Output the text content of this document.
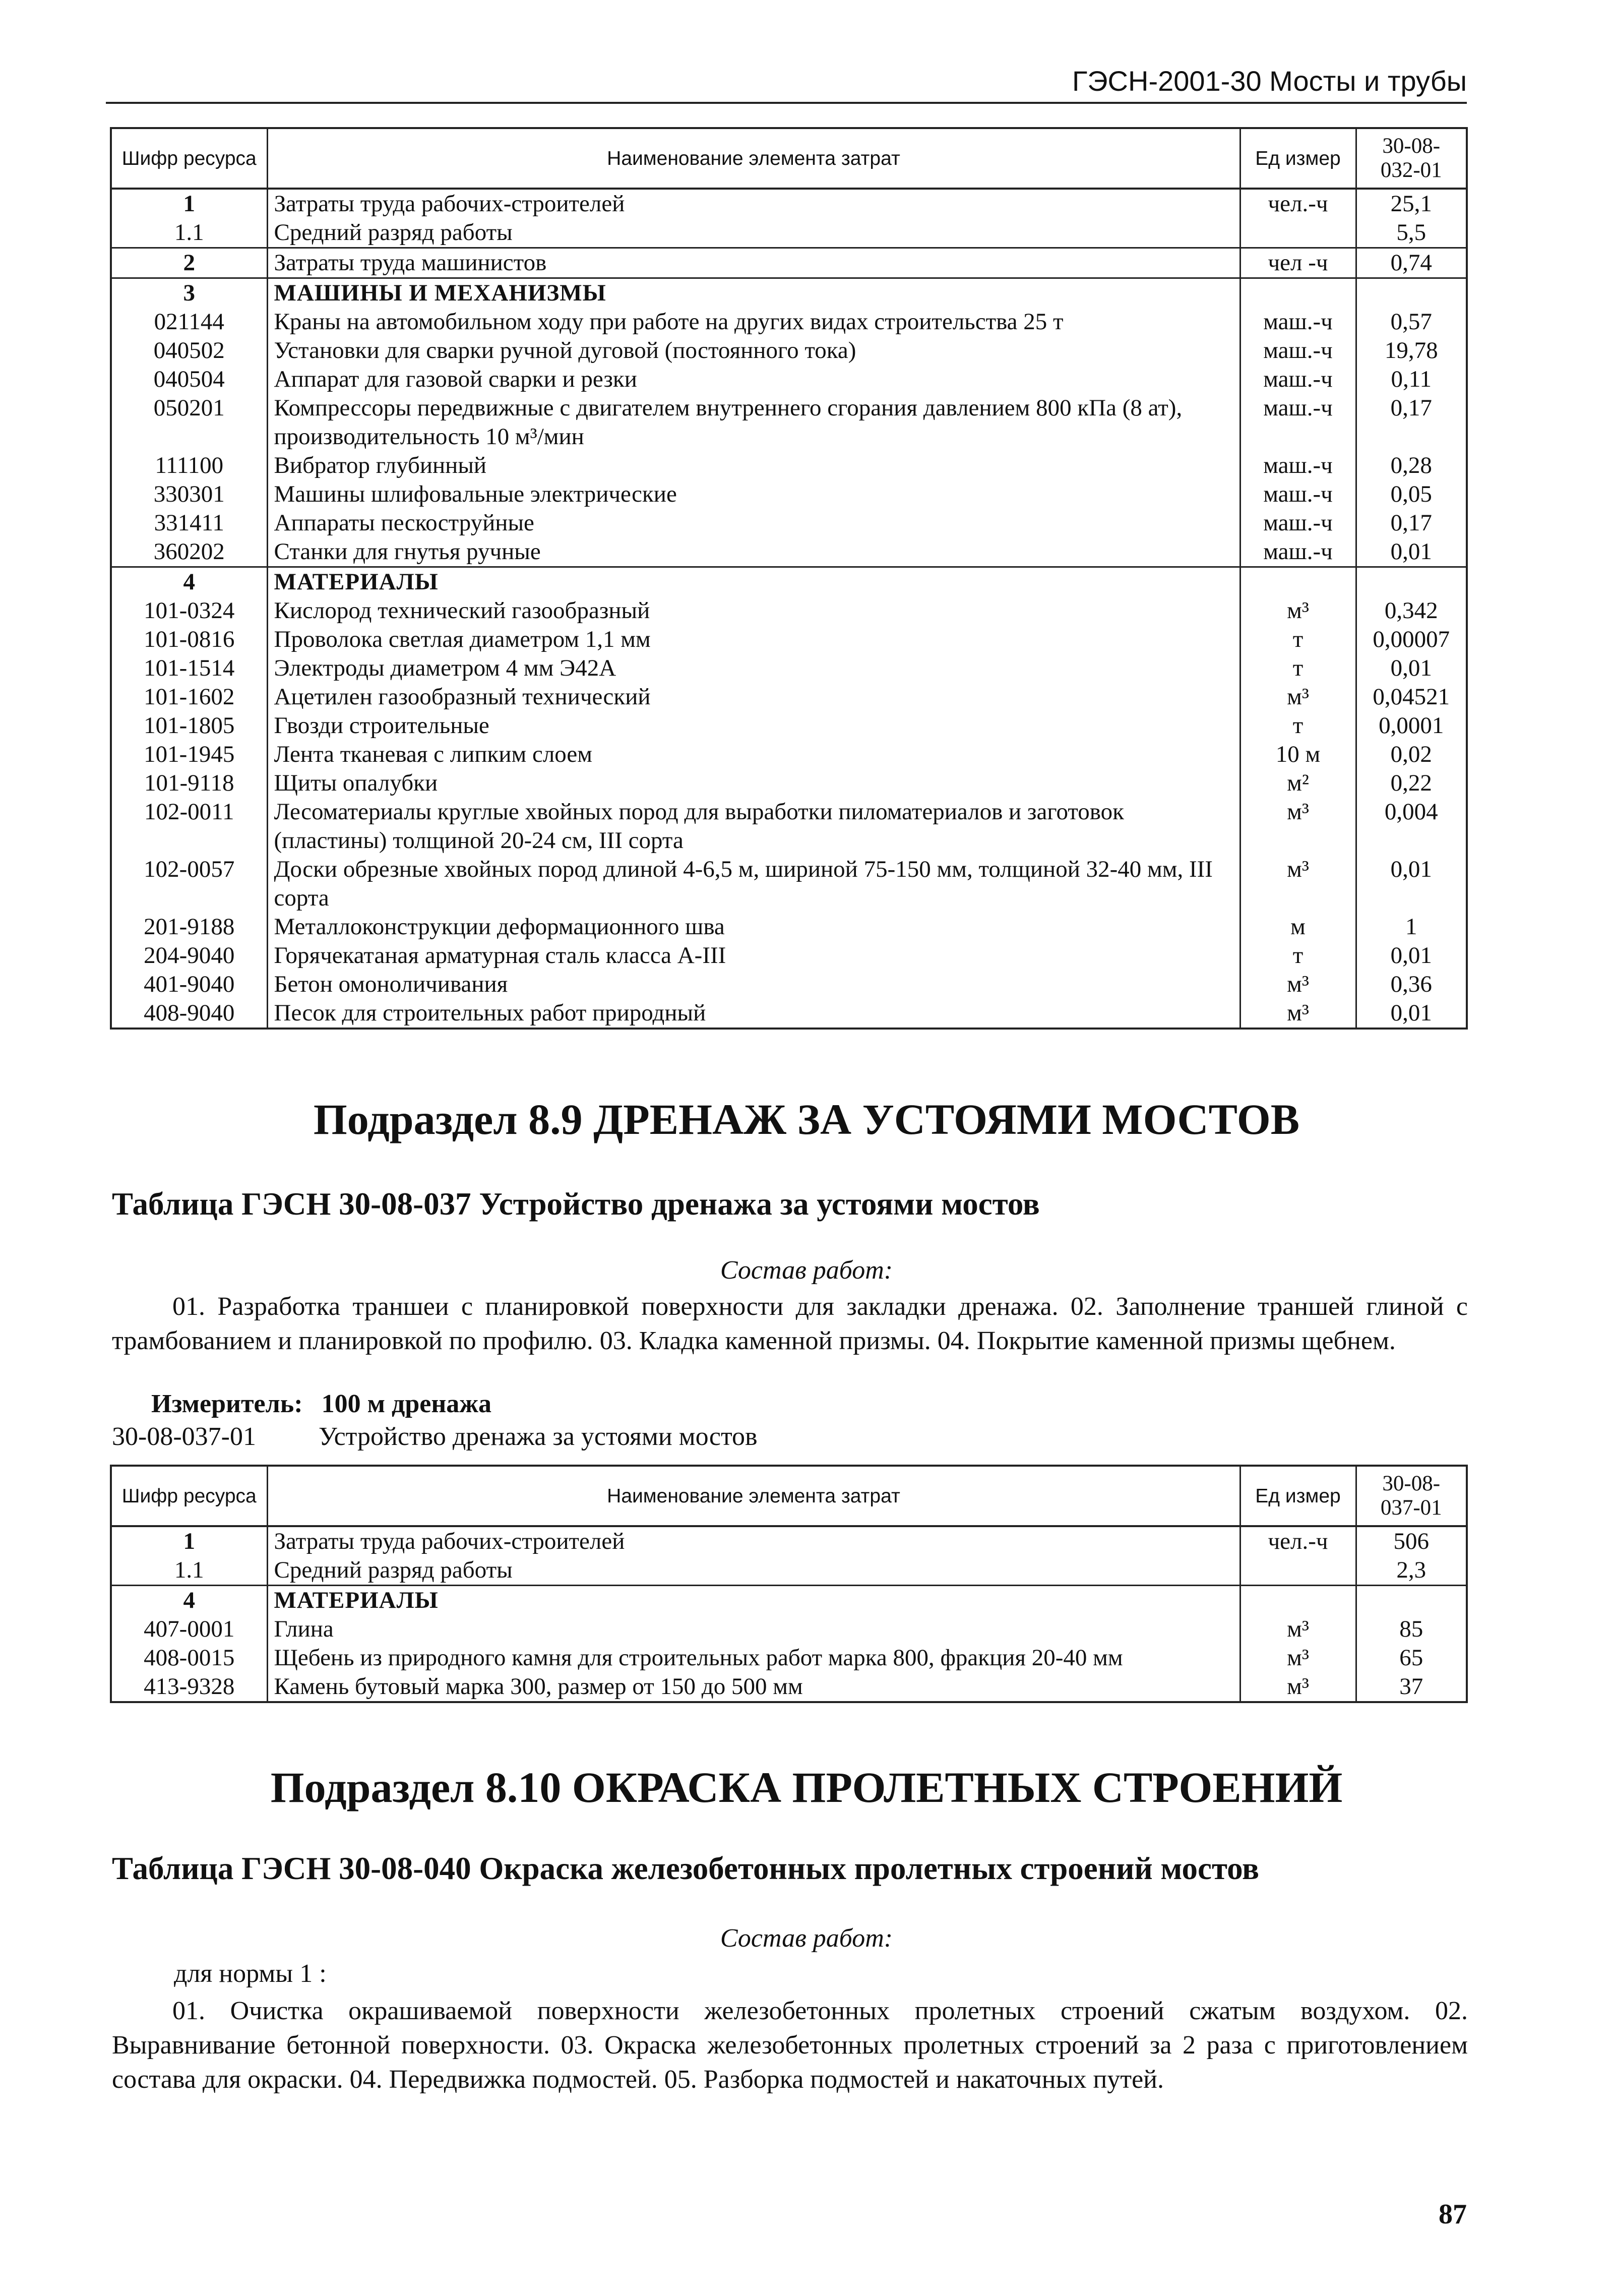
ГЭСН-2001-30 Мосты и трубы
Шифр ресурса	Наименование элемента затрат	Ед измер	30-08-032-01
1	Затраты труда рабочих-строителей	чел.-ч	25,1
1.1	Средний разряд работы		5,5
2	Затраты труда машинистов	чел -ч	0,74
3	МАШИНЫ И МЕХАНИЗМЫ		
021144	Краны на автомобильном ходу при работе на других видах строительства 25 т	маш.-ч	0,57
040502	Установки для сварки ручной дуговой (постоянного тока)	маш.-ч	19,78
040504	Аппарат для газовой сварки и резки	маш.-ч	0,11
050201	Компрессоры передвижные с двигателем внутреннего сгорания давлением 800 кПа (8 ат), производительность 10 м³/мин	маш.-ч	0,17
111100	Вибратор глубинный	маш.-ч	0,28
330301	Машины шлифовальные электрические	маш.-ч	0,05
331411	Аппараты пескоструйные	маш.-ч	0,17
360202	Станки для гнутья ручные	маш.-ч	0,01
4	МАТЕРИАЛЫ		
101-0324	Кислород технический газообразный	м³	0,342
101-0816	Проволока светлая диаметром 1,1 мм	т	0,00007
101-1514	Электроды диаметром 4 мм Э42А	т	0,01
101-1602	Ацетилен газообразный технический	м³	0,04521
101-1805	Гвозди строительные	т	0,0001
101-1945	Лента тканевая с липким слоем	10 м	0,02
101-9118	Щиты опалубки	м²	0,22
102-0011	Лесоматериалы круглые хвойных пород для выработки пиломатериалов и заготовок (пластины) толщиной 20-24 см, III сорта	м³	0,004
102-0057	Доски обрезные хвойных пород длиной 4-6,5 м, шириной 75-150 мм, толщиной 32-40 мм, III сорта	м³	0,01
201-9188	Металлоконструкции деформационного шва	м	1
204-9040	Горячекатаная арматурная сталь класса А-III	т	0,01
401-9040	Бетон омоноличивания	м³	0,36
408-9040	Песок для строительных работ природный	м³	0,01
Подраздел 8.9 ДРЕНАЖ ЗА УСТОЯМИ МОСТОВ
Таблица ГЭСН 30-08-037 Устройство дренажа за устоями мостов
Состав работ:
01. Разработка траншеи с планировкой поверхности для закладки дренажа. 02. Заполнение траншей глиной с трамбованием и планировкой по профилю. 03. Кладка каменной призмы. 04. Покрытие каменной призмы щебнем.
Измеритель: 100 м дренажа
30-08-037-01 Устройство дренажа за устоями мостов
Шифр ресурса	Наименование элемента затрат	Ед измер	30-08-037-01
1	Затраты труда рабочих-строителей	чел.-ч	506
1.1	Средний разряд работы		2,3
4	МАТЕРИАЛЫ		
407-0001	Глина	м³	85
408-0015	Щебень из природного камня для строительных работ марка 800, фракция 20-40 мм	м³	65
413-9328	Камень бутовый марка 300, размер от 150 до 500 мм	м³	37
Подраздел 8.10 ОКРАСКА ПРОЛЕТНЫХ СТРОЕНИЙ
Таблица ГЭСН 30-08-040 Окраска железобетонных пролетных строений мостов
Состав работ:
для нормы 1 :
01. Очистка окрашиваемой поверхности железобетонных пролетных строений сжатым воздухом. 02. Выравнивание бетонной поверхности. 03. Окраска железобетонных пролетных строений за 2 раза с приготовлением состава для окраски. 04. Передвижка подмостей. 05. Разборка подмостей и накаточных путей.
87
